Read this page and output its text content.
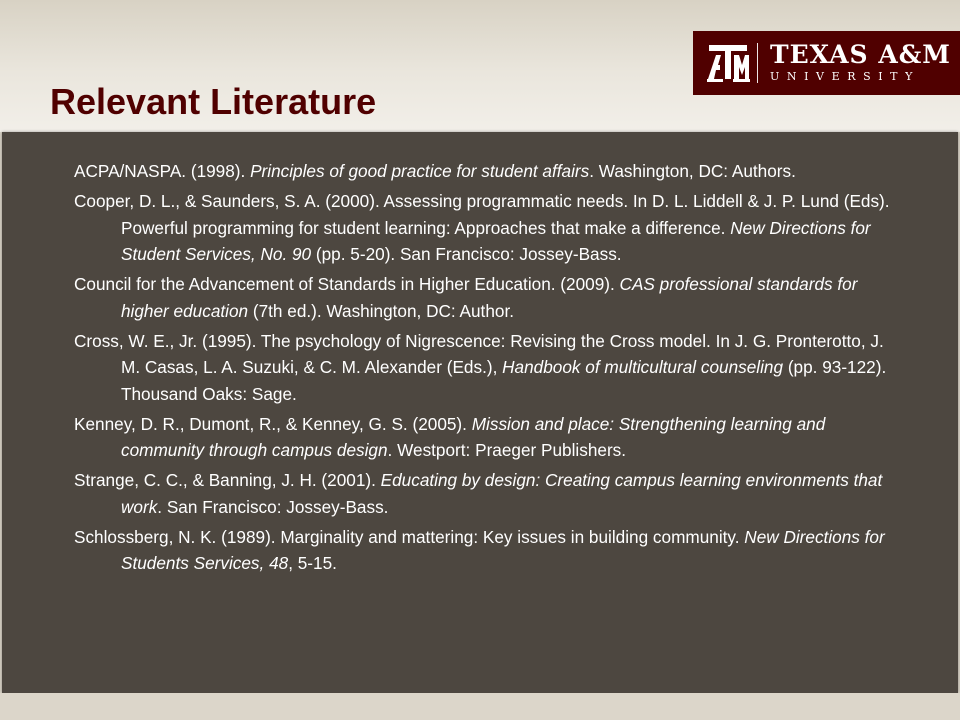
TEXAS A&M
UNIVERSITY
Relevant Literature
ACPA/NASPA. (1998). Principles of good practice for student affairs. Washington, DC: Authors.
Cooper, D. L., & Saunders, S. A. (2000). Assessing programmatic needs. In D. L. Liddell & J. P. Lund (Eds). Powerful programming for student learning: Approaches that make a difference. New Directions for Student Services, No. 90 (pp. 5-20). San Francisco: Jossey-Bass.
Council for the Advancement of Standards in Higher Education. (2009). CAS professional standards for higher education (7th ed.). Washington, DC: Author.
Cross, W. E., Jr. (1995). The psychology of Nigrescence: Revising the Cross model. In J. G. Pronterotto, J. M. Casas, L. A. Suzuki, & C. M. Alexander (Eds.), Handbook of multicultural counseling (pp. 93-122). Thousand Oaks: Sage.
Kenney, D. R., Dumont, R., & Kenney, G. S. (2005). Mission and place: Strengthening learning and community through campus design. Westport: Praeger Publishers.
Strange, C. C., & Banning, J. H. (2001). Educating by design: Creating campus learning environments that work. San Francisco: Jossey-Bass.
Schlossberg, N. K. (1989). Marginality and mattering: Key issues in building community. New Directions for Students Services, 48, 5-15.
